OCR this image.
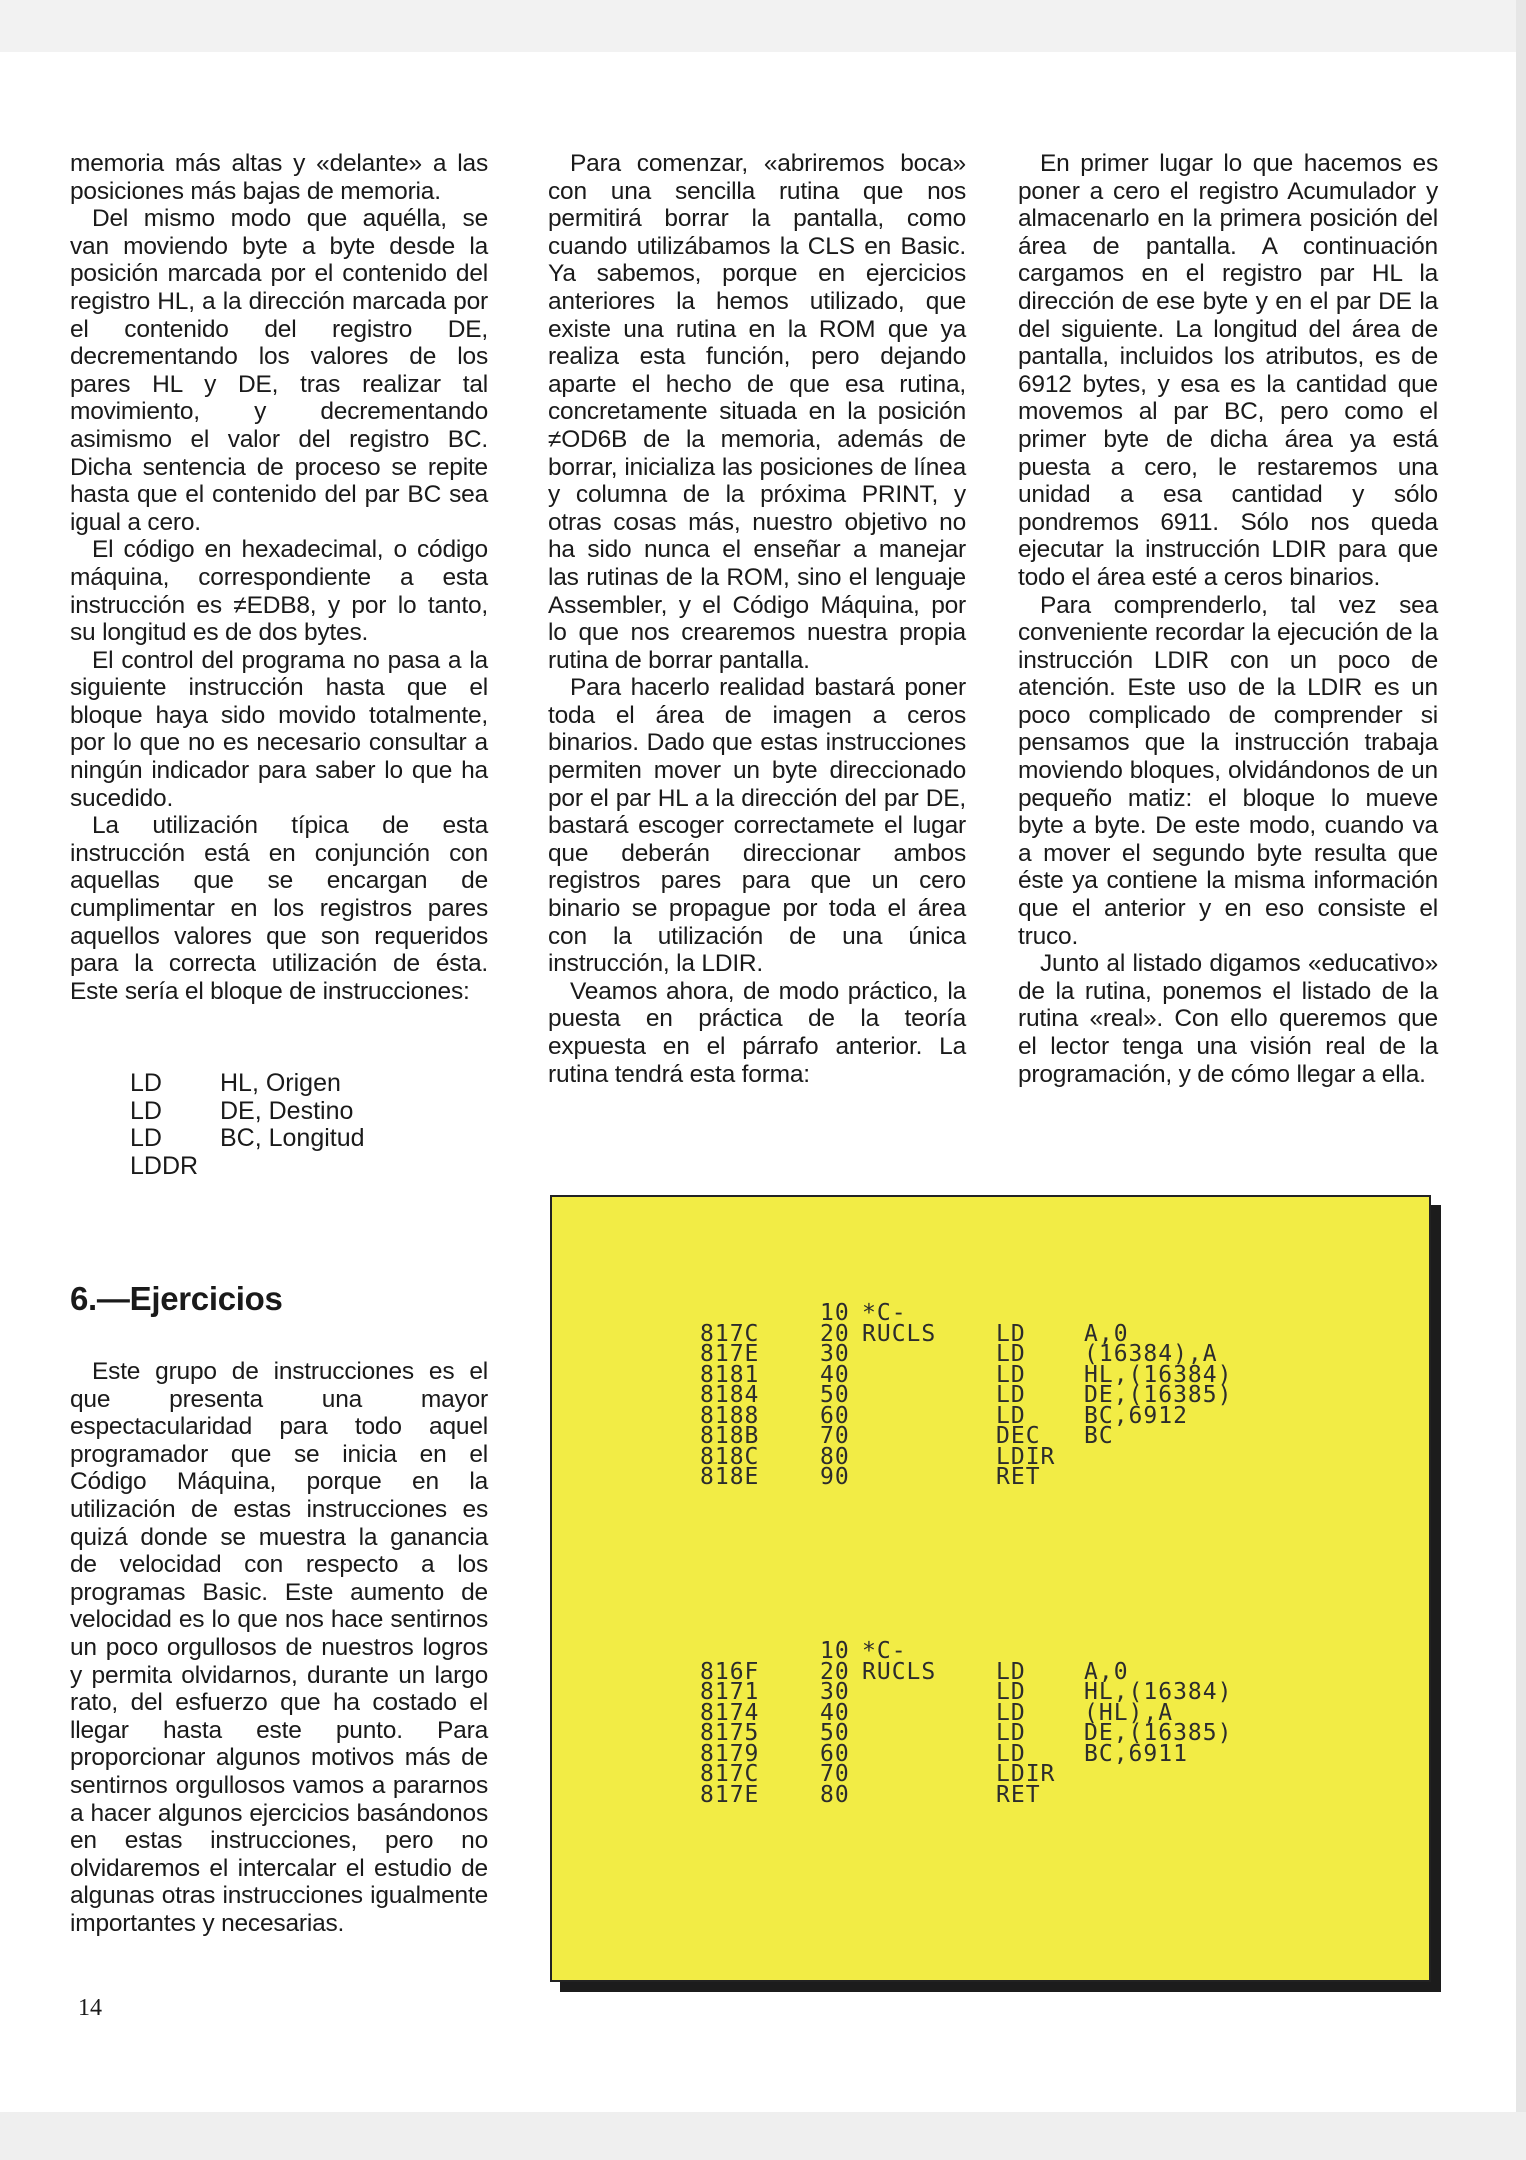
memoria más altas y «delante» a las posiciones más bajas de memoria.

Del mismo modo que aquélla, se van moviendo byte a byte desde la posición marcada por el contenido del registro HL, a la dirección marcada por el contenido del registro DE, decrementando los valores de los pares HL y DE, tras realizar tal movimiento, y decrementando asimismo el valor del registro BC. Dicha sentencia de proceso se repite hasta que el contenido del par BC sea igual a cero.

El código en hexadecimal, o código máquina, correspondiente a esta instrucción es ≠EDB8, y por lo tanto, su longitud es de dos bytes.

El control del programa no pasa a la siguiente instrucción hasta que el bloque haya sido movido totalmente, por lo que no es necesario consultar a ningún indicador para saber lo que ha sucedido.

La utilización típica de esta instrucción está en conjunción con aquellas que se encargan de cumplimentar en los registros pares aquellos valores que son requeridos para la correcta utilización de ésta. Este sería el bloque de instrucciones:

LD	HL, Origen
LD	DE, Destino
LD	BC, Longitud
LDDR

Para comenzar, «abriremos boca» con una sencilla rutina que nos permitirá borrar la pantalla, como cuando utilizábamos la CLS en Basic. Ya sabemos, porque en ejercicios anteriores la hemos utilizado, que existe una rutina en la ROM que ya realiza esta función, pero dejando aparte el hecho de que esa rutina, concretamente situada en la posición ≠OD6B de la memoria, además de borrar, inicializa las posiciones de línea y columna de la próxima PRINT, y otras cosas más, nuestro objetivo no ha sido nunca el enseñar a manejar las rutinas de la ROM, sino el lenguaje Assembler, y el Código Máquina, por lo que nos crearemos nuestra propia rutina de borrar pantalla.

Para hacerlo realidad bastará poner toda el área de imagen a ceros binarios. Dado que estas instrucciones permiten mover un byte direccionado por el par HL a la dirección del par DE, bastará escoger correctamete el lugar que deberán direccionar ambos registros pares para que un cero binario se propague por toda el área con la utilización de una única instrucción, la LDIR.

Veamos ahora, de modo práctico, la puesta en práctica de la teoría expuesta en el párrafo anterior. La rutina tendrá esta forma:

En primer lugar lo que hacemos es poner a cero el registro Acumulador y almacenarlo en la primera posición del área de pantalla. A continuación cargamos en el registro par HL la dirección de ese byte y en el par DE la del siguiente. La longitud del área de pantalla, incluidos los atributos, es de 6912 bytes, y esa es la cantidad que movemos al par BC, pero como el primer byte de dicha área ya está puesta a cero, le restaremos una unidad a esa cantidad y sólo pondremos 6911. Sólo nos queda ejecutar la instrucción LDIR para que todo el área esté a ceros binarios.

Para comprenderlo, tal vez sea conveniente recordar la ejecución de la instrucción LDIR con un poco de atención. Este uso de la LDIR es un poco complicado de comprender si pensamos que la instrucción trabaja moviendo bloques, olvidándonos de un pequeño matiz: el bloque lo mueve byte a byte. De este modo, cuando va a mover el segundo byte resulta que éste ya contiene la misma información que el anterior y en eso consiste el truco.

Junto al listado digamos «educativo» de la rutina, ponemos el listado de la rutina «real». Con ello queremos que el lector tenga una visión real de la programación, y de cómo llegar a ella.

6.—Ejercicios

Este grupo de instrucciones es el que presenta una mayor espectacularidad para todo aquel programador que se inicia en el Código Máquina, porque en la utilización de estas instrucciones es quizá donde se muestra la ganancia de velocidad con respecto a los programas Basic. Este aumento de velocidad es lo que nos hace sentirnos un poco orgullosos de nuestros logros y permita olvidarnos, durante un largo rato, del esfuerzo que ha costado el llegar hasta este punto. Para proporcionar algunos motivos más de sentirnos orgullosos vamos a pararnos a hacer algunos ejercicios basándonos en estas instrucciones, pero no olvidaremos el intercalar el estudio de algunas otras instrucciones igualmente importantes y necesarias.

10 *C-
817C	20 RUCLS	LD	A,0
817E	30	LD	(16384),A
8181	40	LD	HL,(16384)
8184	50	LD	DE,(16385)
8188	60	LD	BC,6912
818B	70	DEC	BC
818C	80	LDIR
818E	90	RET
10 *C-
816F	20 RUCLS	LD	A,0
8171	30	LD	HL,(16384)
8174	40	LD	(HL),A
8175	50	LD	DE,(16385)
8179	60	LD	BC,6911
817C	70	LDIR
817E	80	RET
14
